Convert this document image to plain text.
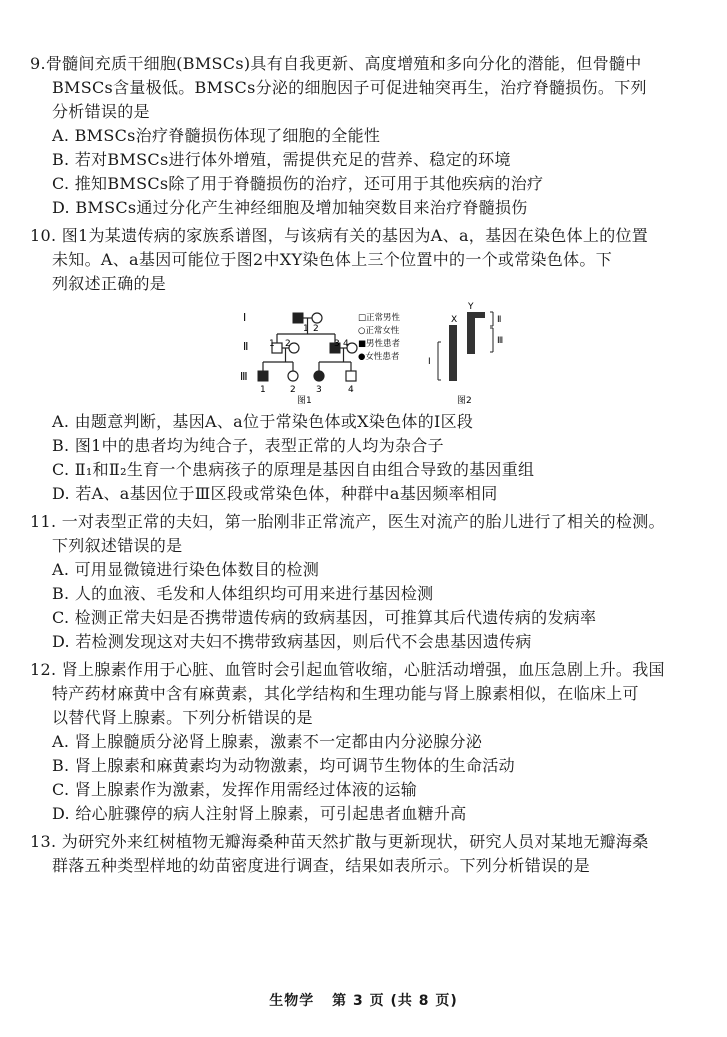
9.骨髓间充质干细胞(BMSCs)具有自我更新、高度增殖和多向分化的潜能，但骨髓中

BMSCs含量极低。BMSCs分泌的细胞因子可促进轴突再生，治疗脊髓损伤。下列

分析错误的是

A. BMSCs治疗脊髓损伤体现了细胞的全能性

B. 若对BMSCs进行体外增殖，需提供充足的营养、稳定的环境

C. 推知BMSCs除了用于脊髓损伤的治疗，还可用于其他疾病的治疗

D. BMSCs通过分化产生神经细胞及增加轴突数目来治疗脊髓损伤

10. 图1为某遗传病的家族系谱图，与该病有关的基因为A、a，基因在染色体上的位置

未知。A、a基因可能位于图2中XY染色体上三个位置中的一个或常染色体。下

列叙述正确的是

Ⅰ
Ⅱ
Ⅲ
1 2
1 2	3 4
1	2 3	4
图1
□正常男性
○正常女性
■男性患者
●女性患者
X
Y
Ⅱ
Ⅲ
Ⅰ
图2

A. 由题意判断，基因A、a位于常染色体或X染色体的Ⅰ区段

B. 图1中的患者均为纯合子，表型正常的人均为杂合子

C. Ⅱ₁和Ⅱ₂生育一个患病孩子的原理是基因自由组合导致的基因重组

D. 若A、a基因位于Ⅲ区段或常染色体，种群中a基因频率相同

11. 一对表型正常的夫妇，第一胎刚非正常流产，医生对流产的胎儿进行了相关的检测。

下列叙述错误的是

A. 可用显微镜进行染色体数目的检测

B. 人的血液、毛发和人体组织均可用来进行基因检测

C. 检测正常夫妇是否携带遗传病的致病基因，可推算其后代遗传病的发病率

D. 若检测发现这对夫妇不携带致病基因，则后代不会患基因遗传病

12. 肾上腺素作用于心脏、血管时会引起血管收缩，心脏活动增强，血压急剧上升。我国

特产药材麻黄中含有麻黄素，其化学结构和生理功能与肾上腺素相似，在临床上可

以替代肾上腺素。下列分析错误的是

A. 肾上腺髓质分泌肾上腺素，激素不一定都由内分泌腺分泌

B. 肾上腺素和麻黄素均为动物激素，均可调节生物体的生命活动

C. 肾上腺素作为激素，发挥作用需经过体液的运输

D. 给心脏骤停的病人注射肾上腺素，可引起患者血糖升高

13. 为研究外来红树植物无瓣海桑种苗天然扩散与更新现状，研究人员对某地无瓣海桑

群落五种类型样地的幼苗密度进行调查，结果如表所示。下列分析错误的是

生物学 第 3 页 (共 8 页)
